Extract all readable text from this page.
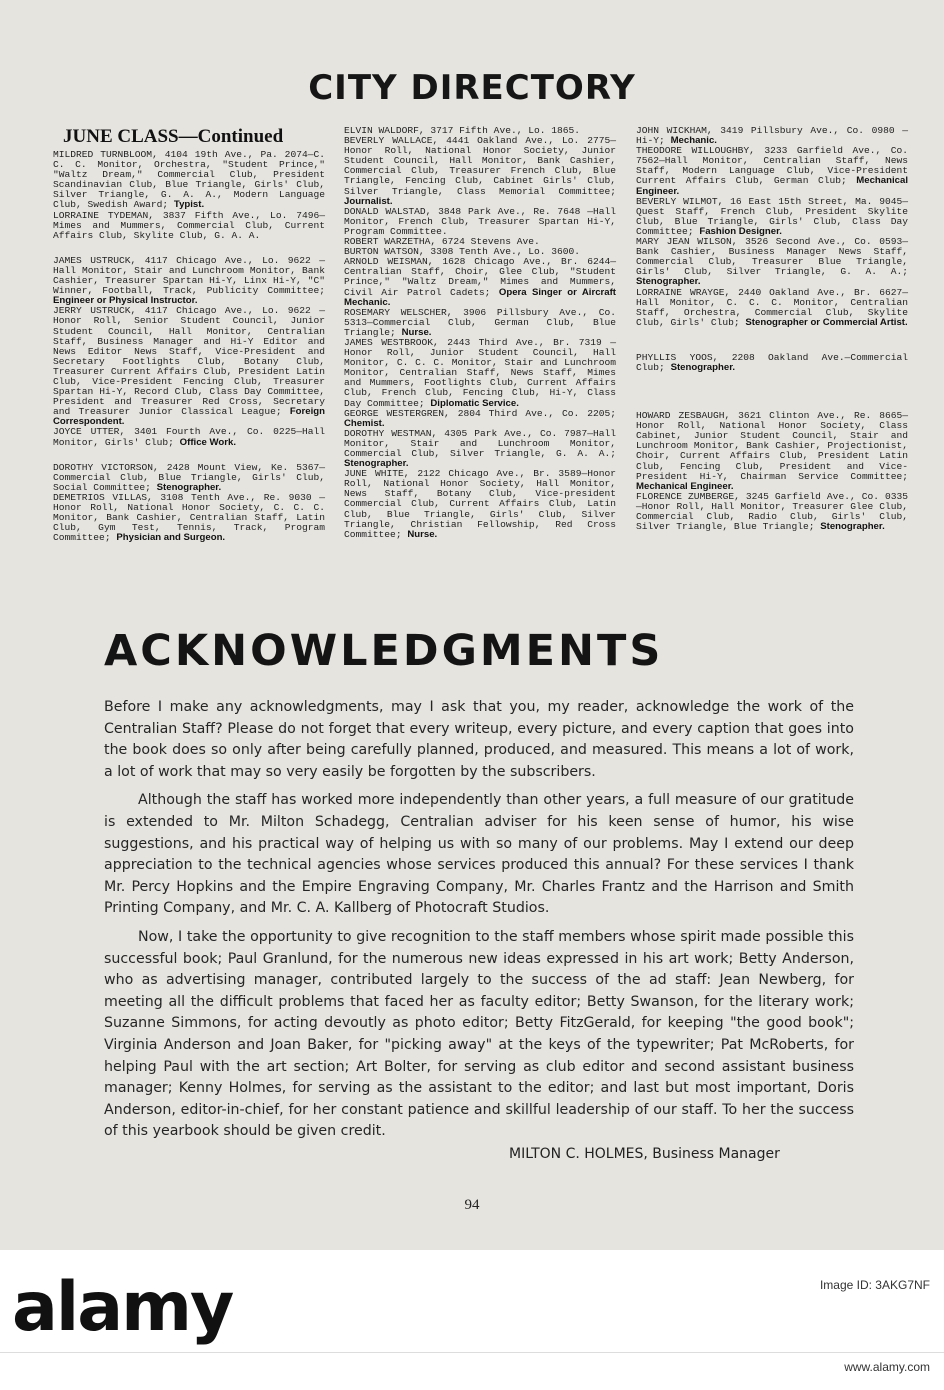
CITY DIRECTORY
JUNE CLASS—Continued

MILDRED TURNBLOOM, 4104 19th Ave., Pa. 2074—C. C. C. Monitor, Orchestra, "Student Prince," "Waltz Dream," Commercial Club, President Scandinavian Club, Blue Triangle, Girls' Club, Silver Triangle, G. A. A., Modern Language Club, Swedish Award; Typist.

LORRAINE TYDEMAN, 3837 Fifth Ave., Lo. 7496—Mimes and Mummers, Commercial Club, Current Affairs Club, Skylite Club, G. A. A.

JAMES USTRUCK, 4117 Chicago Ave., Lo. 9622 —Hall Monitor, Stair and Lunchroom Monitor, Bank Cashier, Treasurer Spartan Hi-Y, Linx Hi-Y, "C" Winner, Football, Track, Publicity Committee; Engineer or Physical Instructor.

JERRY USTRUCK, 4117 Chicago Ave., Lo. 9622 —Honor Roll, Senior Student Council, Junior Student Council, Hall Monitor, Centralian Staff, Business Manager and Hi-Y Editor and News Editor News Staff, Vice-President and Secretary Footlights Club, Botany Club, Treasurer Current Affairs Club, President Latin Club, Vice-President Fencing Club, Treasurer Spartan Hi-Y, Record Club, Class Day Committee, President and Treasurer Red Cross, Secretary and Treasurer Junior Classical League; Foreign Correspondent.

JOYCE UTTER, 3401 Fourth Ave., Co. 0225—Hall Monitor, Girls' Club; Office Work.

DOROTHY VICTORSON, 2428 Mount View, Ke. 5367—Commercial Club, Blue Triangle, Girls' Club, Social Committee; Stenographer.

DEMETRIOS VILLAS, 3108 Tenth Ave., Re. 9030 —Honor Roll, National Honor Society, C. C. C. Monitor, Bank Cashier, Centralian Staff, Latin Club, Gym Test, Tennis, Track, Program Committee; Physician and Surgeon.

ELVIN WALDORF, 3717 Fifth Ave., Lo. 1865.

BEVERLY WALLACE, 4441 Oakland Ave., Lo. 2775—Honor Roll, National Honor Society, Junior Student Council, Hall Monitor, Bank Cashier, Commercial Club, Treasurer French Club, Blue Triangle, Fencing Club, Cabinet Girls' Club, Silver Triangle, Class Memorial Committee; Journalist.

DONALD WALSTAD, 3848 Park Ave., Re. 7648 —Hall Monitor, French Club, Treasurer Spartan Hi-Y, Program Committee.

ROBERT WARZETHA, 6724 Stevens Ave.

BURTON WATSON, 3308 Tenth Ave., Lo. 3600.

ARNOLD WEISMAN, 1628 Chicago Ave., Br. 6244—Centralian Staff, Choir, Glee Club, "Student Prince," "Waltz Dream," Mimes and Mummers, Civil Air Patrol Cadets; Opera Singer or Aircraft Mechanic.

ROSEMARY WELSCHER, 3906 Pillsbury Ave., Co. 5313—Commercial Club, German Club, Blue Triangle; Nurse.

JAMES WESTBROOK, 2443 Third Ave., Br. 7319 —Honor Roll, Junior Student Council, Hall Monitor, C. C. C. Monitor, Stair and Lunchroom Monitor, Centralian Staff, News Staff, Mimes and Mummers, Footlights Club, Current Affairs Club, French Club, Fencing Club, Hi-Y, Class Day Committee; Diplomatic Service.

GEORGE WESTERGREN, 2804 Third Ave., Co. 2205; Chemist.

DOROTHY WESTMAN, 4305 Park Ave., Co. 7987—Hall Monitor, Stair and Lunchroom Monitor, Commercial Club, Silver Triangle, G. A. A.; Stenographer.

JUNE WHITE, 2122 Chicago Ave., Br. 3589—Honor Roll, National Honor Society, Hall Monitor, News Staff, Botany Club, Vice-president Commercial Club, Current Affairs Club, Latin Club, Blue Triangle, Girls' Club, Silver Triangle, Christian Fellowship, Red Cross Committee; Nurse.

JOHN WICKHAM, 3419 Pillsbury Ave., Co. 0980 —Hi-Y; Mechanic.

THEODORE WILLOUGHBY, 3233 Garfield Ave., Co. 7562—Hall Monitor, Centralian Staff, News Staff, Modern Language Club, Vice-President Current Affairs Club, German Club; Mechanical Engineer.

BEVERLY WILMOT, 16 East 15th Street, Ma. 9045—Quest Staff, French Club, President Skylite Club, Blue Triangle, Girls' Club, Class Day Committee; Fashion Designer.

MARY JEAN WILSON, 3526 Second Ave., Co. 0593—Bank Cashier, Business Manager News Staff, Commercial Club, Treasurer Blue Triangle, Girls' Club, Silver Triangle, G. A. A.; Stenographer.

LORRAINE WRAYGE, 2440 Oakland Ave., Br. 6627—Hall Monitor, C. C. C. Monitor, Centralian Staff, Orchestra, Commercial Club, Skylite Club, Girls' Club; Stenographer or Commercial Artist.

PHYLLIS YOOS, 2208 Oakland Ave.—Commercial Club; Stenographer.

HOWARD ZESBAUGH, 3621 Clinton Ave., Re. 8665—Honor Roll, National Honor Society, Class Cabinet, Junior Student Council, Stair and Lunchroom Monitor, Bank Cashier, Projectionist, Choir, Current Affairs Club, President Latin Club, Fencing Club, President and Vice-President Hi-Y, Chairman Service Committee; Mechanical Engineer.

FLORENCE ZUMBERGE, 3245 Garfield Ave., Co. 0335—Honor Roll, Hall Monitor, Treasurer Glee Club, Commercial Club, Radio Club, Girls' Club, Silver Triangle, Blue Triangle; Stenographer.

ACKNOWLEDGMENTS

Before I make any acknowledgments, may I ask that you, my reader, acknowledge the work of the Centralian Staff? Please do not forget that every writeup, every picture, and every caption that goes into the book does so only after being carefully planned, produced, and measured. This means a lot of work, a lot of work that may so very easily be forgotten by the subscribers.

Although the staff has worked more independently than other years, a full measure of our gratitude is extended to Mr. Milton Schadegg, Centralian adviser for his keen sense of humor, his wise suggestions, and his practical way of helping us with so many of our problems. May I extend our deep appreciation to the technical agencies whose services produced this annual? For these services I thank Mr. Percy Hopkins and the Empire Engraving Company, Mr. Charles Frantz and the Harrison and Smith Printing Company, and Mr. C. A. Kallberg of Photocraft Studios.

Now, I take the opportunity to give recognition to the staff members whose spirit made possible this successful book; Paul Granlund, for the numerous new ideas expressed in his art work; Betty Anderson, who as advertising manager, contributed largely to the success of the ad staff: Jean Newberg, for meeting all the difficult problems that faced her as faculty editor; Betty Swanson, for the literary work; Suzanne Simmons, for acting devoutly as photo editor; Betty FitzGerald, for keeping "the good book"; Virginia Anderson and Joan Baker, for "picking away" at the keys of the typewriter; Pat McRoberts, for helping Paul with the art section; Art Bolter, for serving as club editor and second assistant business manager; Kenny Holmes, for serving as the assistant to the editor; and last but most important, Doris Anderson, editor-in-chief, for her constant patience and skillful leadership of our staff. To her the success of this yearbook should be given credit.

MILTON C. HOLMES, Business Manager
94
alamy	Image ID: 3AKG7NF
www.alamy.com
